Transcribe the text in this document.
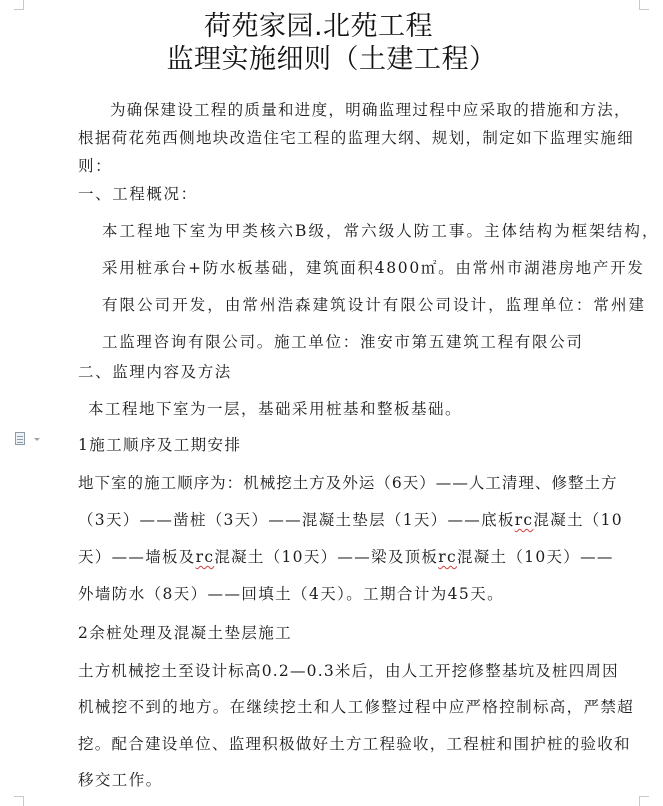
荷苑家园.北苑工程
监理实施细则（土建工程）
为确保建设工程的质量和进度，明确监理过程中应采取的措施和方法，
根据荷花苑西侧地块改造住宅工程的监理大纲、规划，制定如下监理实施细
则：
一、工程概况：
本工程地下室为甲类核六B级，常六级人防工事。主体结构为框架结构，
采用桩承台+防水板基础，建筑面积4800㎡。由常州市湖港房地产开发
有限公司开发，由常州浩森建筑设计有限公司设计，监理单位：常州建
工监理咨询有限公司。施工单位：淮安市第五建筑工程有限公司
二、监理内容及方法
本工程地下室为一层，基础采用桩基和整板基础。
1施工顺序及工期安排
地下室的施工顺序为：机械挖土方及外运（6天）——人工清理、修整土方
（3天）——凿桩（3天）——混凝土垫层（1天）——底板rc混凝土（10
天）——墙板及rc混凝土（10天）——梁及顶板rc混凝土（10天）——
外墙防水（8天）——回填土（4天）。工期合计为45天。
2余桩处理及混凝土垫层施工
土方机械挖土至设计标高0.2—0.3米后，由人工开挖修整基坑及桩四周因
机械挖不到的地方。在继续挖土和人工修整过程中应严格控制标高，严禁超
挖。配合建设单位、监理积极做好土方工程验收，工程桩和围护桩的验收和
移交工作。
